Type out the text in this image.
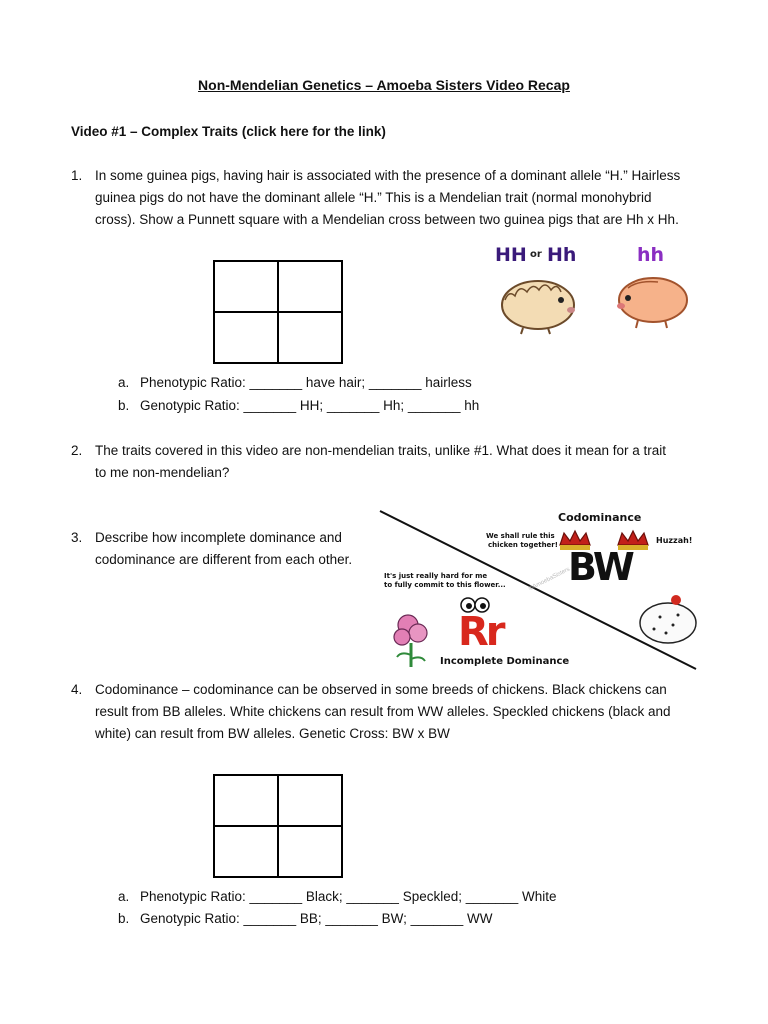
Non-Mendelian Genetics – Amoeba Sisters Video Recap
Video #1 – Complex Traits (click here for the link)
1. In some guinea pigs, having hair is associated with the presence of a dominant allele “H.” Hairless
guinea pigs do not have the dominant allele “H.” This is a Mendelian trait (normal monohybrid
cross). Show a Punnett square with a Mendelian cross between two guinea pigs that are Hh x Hh.
HH or Hh	hh
a. Phenotypic Ratio: _______ have hair; _______ hairless
b. Genotypic Ratio: _______ HH; _______ Hh; _______ hh
2. The traits covered in this video are non-mendelian traits, unlike #1. What does it mean for a trait
to me non-mendelian?
3. Describe how incomplete dominance and
codominance are different from each other.
Codominance
We shall rule this
chicken together!	Huzzah!
BW
It's just really hard for me
to fully commit to this flower...
Rr
Incomplete Dominance
©AmoebaSisters
4. Codominance – codominance can be observed in some breeds of chickens. Black chickens can
result from BB alleles. White chickens can result from WW alleles. Speckled chickens (black and
white) can result from BW alleles. Genetic Cross: BW x BW
a. Phenotypic Ratio: _______ Black; _______ Speckled; _______ White
b. Genotypic Ratio: _______ BB; _______ BW; _______ WW
